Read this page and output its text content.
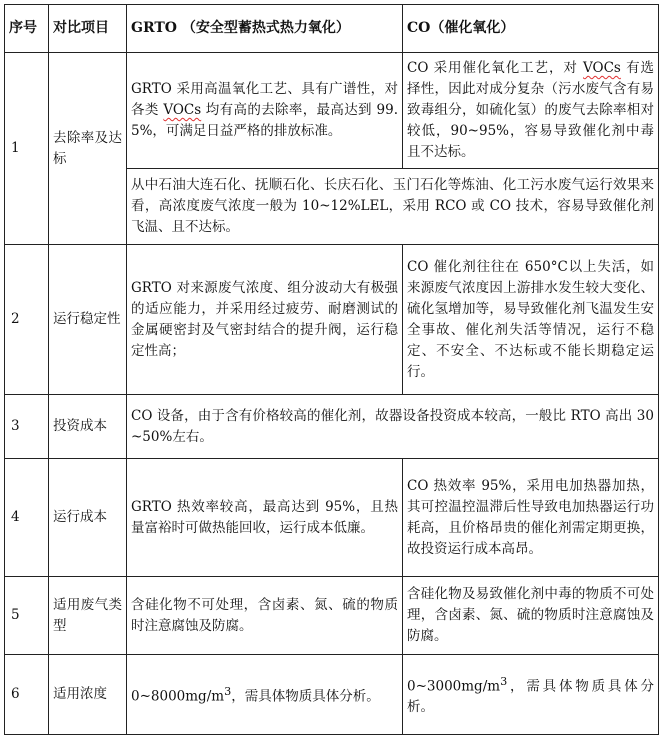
序号	对比项目	GRTO （安全型蓄热式热力氧化）	CO（催化氧化）
1	去除率及达标	GRTO 采用高温氧化工艺、具有广谱性，对各类 VOCs 均有高的去除率，最高达到 99.5%，可满足日益严格的排放标准。	CO 采用催化氧化工艺，对 VOCs 有选择性，因此对成分复杂（污水废气含有易致毒组分，如硫化氢）的废气去除率相对较低，90~95%，容易导致催化剂中毒且不达标。
		从中石油大连石化、抚顺石化、长庆石化、玉门石化等炼油、化工污水废气运行效果来看，高浓度废气浓度一般为 10~12%LEL，采用 RCO 或 CO 技术，容易导致催化剂飞温、且不达标。	
2	运行稳定性	GRTO 对来源废气浓度、组分波动大有极强的适应能力，并采用经过疲劳、耐磨测试的金属硬密封及气密封结合的提升阀，运行稳定性高；	CO 催化剂往往在 650°C以上失活，如来源废气浓度因上游排水发生较大变化、硫化氢增加等，易导致催化剂飞温发生安全事故、催化剂失活等情况，运行不稳定、不安全、不达标或不能长期稳定运行。
3	投资成本	CO 设备，由于含有价格较高的催化剂，故器设备投资成本较高，一般比 RTO 高出 30~50%左右。	
4	运行成本	GRTO 热效率较高，最高达到 95%，且热量富裕时可做热能回收，运行成本低廉。	CO 热效率 95%，采用电加热器加热，其可控温控温滞后性导致电加热器运行功耗高，且价格昂贵的催化剂需定期更换，故投资运行成本高昂。
5	适用废气类型	含硅化物不可处理，含卤素、氮、硫的物质时注意腐蚀及防腐。	含硅化物及易致催化剂中毒的物质不可处理，含卤素、氮、硫的物质时注意腐蚀及防腐。
6	适用浓度	$0\sim 8000mg/m^3$，需具体物质具体分析。	$0\sim 3000mg/m^3$，需具体物质具体分析。
